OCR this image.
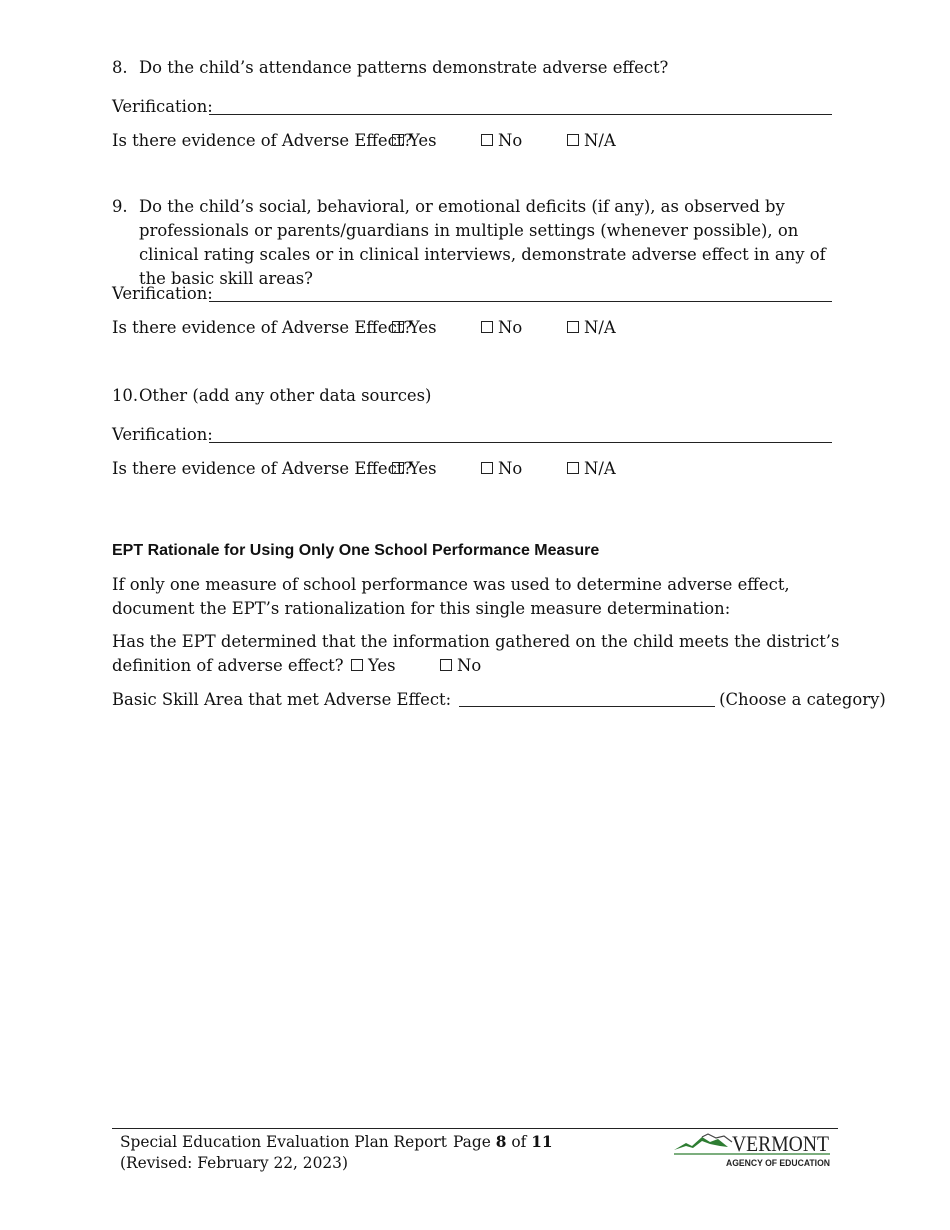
8. Do the child’s attendance patterns demonstrate adverse effect?
Verification:
Is there evidence of Adverse Effect?
Yes	No	N/A
9. Do the child’s social, behavioral, or emotional deficits (if any), as observed by professionals or parents/guardians in multiple settings (whenever possible), on clinical rating scales or in clinical interviews, demonstrate adverse effect in any of the basic skill areas?
Verification:
Is there evidence of Adverse Effect?
Yes	No	N/A
10. Other (add any other data sources)
Verification:
Is there evidence of Adverse Effect?
Yes	No	N/A
EPT Rationale for Using Only One School Performance Measure
If only one measure of school performance was used to determine adverse effect, document the EPT’s rationalization for this single measure determination:
Has the EPT determined that the information gathered on the child meets the district’s
definition of adverse effect?	Yes	No
Basic Skill Area that met Adverse Effect:	(Choose a category)
Special Education Evaluation Plan Report
(Revised: February 22, 2023)
Page 8 of 11	VERMONT
AGENCY OF EDUCATION
